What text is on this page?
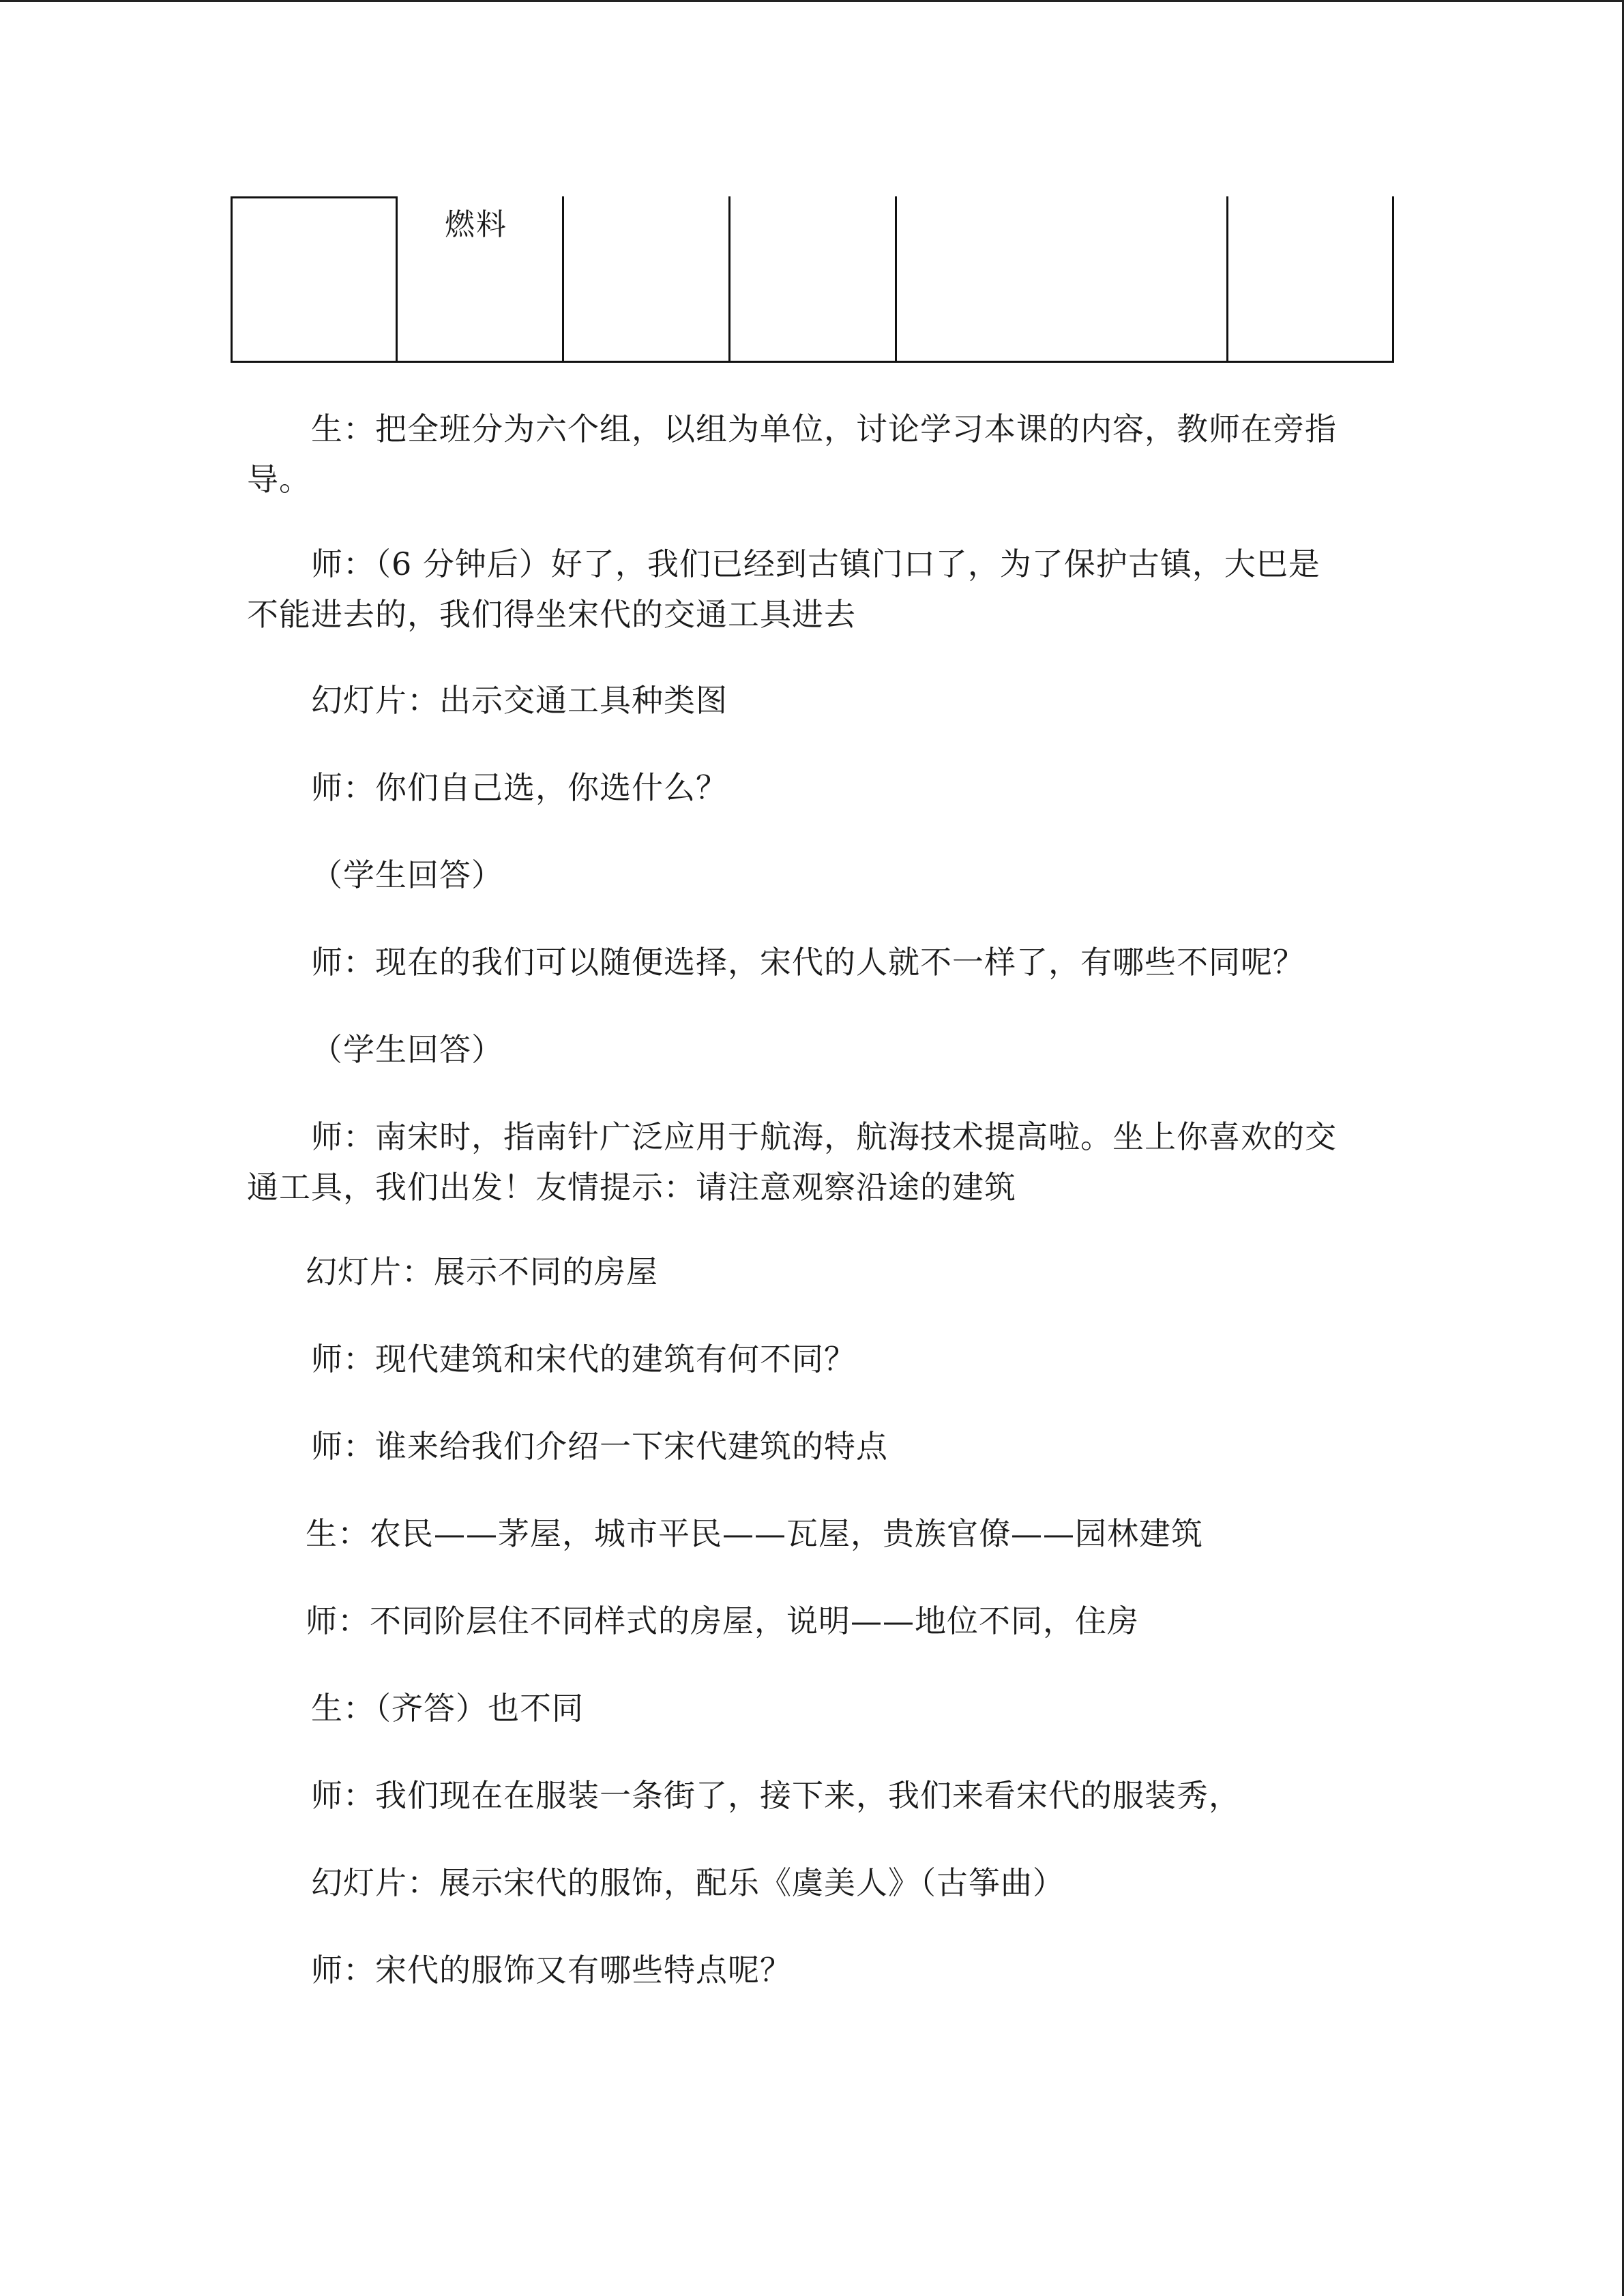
燃料
生：把全班分为六个组，以组为单位，讨论学习本课的内容，教师在旁指
导。
师：（6 分钟后）好了，我们已经到古镇门口了，为了保护古镇，大巴是
不能进去的，我们得坐宋代的交通工具进去
幻灯片：出示交通工具种类图
师：你们自己选，你选什么？
（学生回答）
师：现在的我们可以随便选择，宋代的人就不一样了，有哪些不同呢？
（学生回答）
师：南宋时，指南针广泛应用于航海，航海技术提高啦。坐上你喜欢的交
通工具，我们出发！友情提示：请注意观察沿途的建筑
幻灯片：展示不同的房屋
师：现代建筑和宋代的建筑有何不同？
师：谁来给我们介绍一下宋代建筑的特点
生：农民——茅屋，城市平民——瓦屋，贵族官僚——园林建筑
师：不同阶层住不同样式的房屋，说明——地位不同，住房
生：（齐答）也不同
师：我们现在在服装一条街了，接下来，我们来看宋代的服装秀，
幻灯片：展示宋代的服饰，配乐《虞美人》（古筝曲）
师：宋代的服饰又有哪些特点呢？
